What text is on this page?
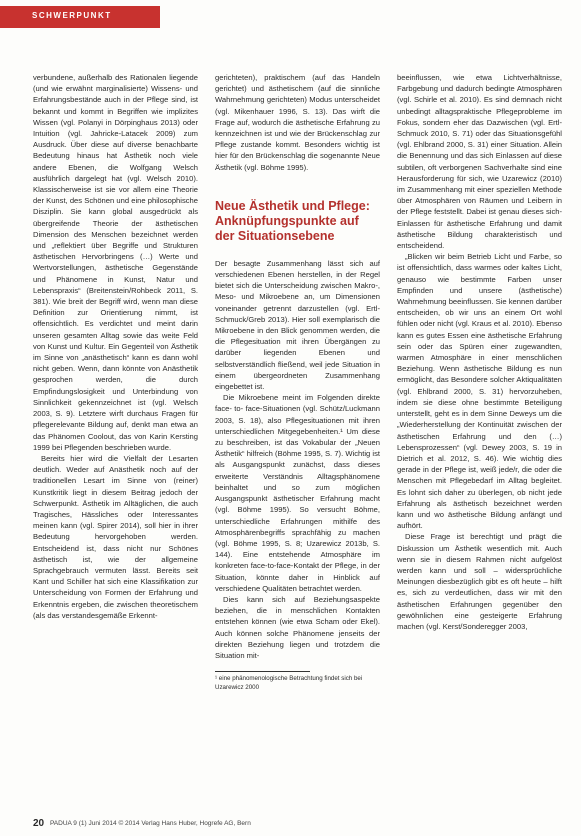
SCHWERPUNKT

verbundene, außerhalb des Rationalen liegende (und wie erwähnt marginalisierte) Wissens- und Erfahrungsbestände auch in der Pflege sind, ist bekannt und kommt in Begriffen wie implizites Wissen (vgl. Polanyi in Dörpinghaus 2013) oder Intuition (vgl. Jahricke-Latacek 2009) zum Ausdruck. Über diese auf diverse benachbarte Bedeutung hinaus hat Ästhetik noch viele andere Ebenen, die Wolfgang Welsch ausführlich dargelegt hat (vgl. Welsch 2010). Klassischerweise ist sie vor allem eine Theorie der Kunst, des Schönen und eine philosophische Disziplin. Sie kann global ausgedrückt als übergreifende Theorie der ästhetischen Dimension des Menschen bezeichnet werden und „reflektiert über Begriffe und Strukturen ästhetischen Hervorbringens (…) Werte und Wertvorstellungen, ästhetische Gegenstände und Phänomene in Kunst, Natur und Lebenspraxis“ (Breitenstein/Rohbeck 2011, S. 381). Wie breit der Begriff wird, wenn man diese Definition zur Orientierung nimmt, ist offensichtlich. Es verdichtet und meint darin unseren gesamten Alltag sowie das weite Feld von Kunst und Kultur. Ein Gegenteil von Ästhetik im Sinne von „anästhetisch“ kann es dann wohl nicht geben. Wenn, dann könnte von Anästhetik gesprochen werden, die durch Empfindungslosigkeit und Unterbindung von Sinnlichkeit gekennzeichnet ist (vgl. Welsch 2003, S. 9). Letztere wirft durchaus Fragen für pflegerelevante Bildung auf, denkt man etwa an das Phänomen Coolout, das von Karin Kersting 1999 bei Pflegenden beschrieben wurde.

Bereits hier wird die Vielfalt der Lesarten deutlich. Weder auf Anästhetik noch auf der traditionellen Lesart im Sinne von (reiner) Kunstkritik liegt in diesem Beitrag jedoch der Schwerpunkt. Ästhetik im Alltäglichen, die auch Tragisches, Hässliches oder Interessantes meinen kann (vgl. Spirer 2014), soll hier in ihrer Bedeutung hervorgehoben werden. Entscheidend ist, dass nicht nur Schönes ästhetisch ist, wie der allgemeine Sprachgebrauch vermuten lässt. Bereits seit Kant und Schiller hat sich eine Klassifikation zur Unterscheidung von Formen der Erfahrung und Erkenntnis ergeben, die zwischen theoretischem (als das verstandesgemäße Erkennt-

gerichteten), praktischem (auf das Handeln gerichtet) und ästhetischem (auf die sinnliche Wahrnehmung gerichteten) Modus unterscheidet (vgl. Mikenhauer 1996, S. 13). Das wirft die Frage auf, wodurch die ästhetische Erfahrung zu kennzeichnen ist und wie der Brückenschlag zur Pflege zustande kommt. Besonders wichtig ist hier für den Brückenschlag die sogenannte Neue Ästhetik (vgl. Böhme 1995).

Neue Ästhetik und Pflege: Anknüpfungspunkte auf der Situationsebene

Der besagte Zusammenhang lässt sich auf verschiedenen Ebenen herstellen, in der Regel bietet sich die Unterscheidung zwischen Makro-, Meso- und Mikroebene an, um Dimensionen voneinander getrennt darzustellen (vgl. Ertl-Schmuck/Greb 2013). Hier soll exemplarisch die Mikroebene in den Blick genommen werden, die die Pflegesituation mit ihren Übergängen zu darüber liegenden Ebenen und selbstverständlich fließend, weil jede Situation in einem übergeordneten Zusammenhang eingebettet ist.

Die Mikroebene meint im Folgenden direkte face- to- face-Situationen (vgl. Schütz/Luckmann 2003, S. 18), also Pflegesituationen mit ihren unterschiedlichen Mitgegebenheiten.¹ Um diese zu beschreiben, ist das Vokabular der „Neuen Ästhetik“ hilfreich (Böhme 1995, S. 7). Wichtig ist als Ausgangspunkt zunächst, dass dieses erweiterte Verständnis Alltagsphänomene beinhaltet und so zum möglichen Ausgangspunkt ästhetischer Erfahrung macht (vgl. Böhme 1995). So versucht Böhme, unterschiedliche Erfahrungen mithilfe des Atmosphärenbegriffs sprachfähig zu machen (vgl. Böhme 1995, S. 8; Uzarewicz 2013b, S. 144). Eine entstehende Atmosphäre im konkreten face-to-face-Kontakt der Pflege, in der Situation, könnte daher in Hinblick auf verschiedene Qualitäten betrachtet werden.

Dies kann sich auf Beziehungsaspekte beziehen, die in menschlichen Kontakten entstehen können (wie etwa Scham oder Ekel). Auch können solche Phänomene jenseits der direkten Beziehung liegen und trotzdem die Situation mit-

¹ eine phänomenologische Betrachtung findet sich bei Uzarewicz 2000

beeinflussen, wie etwa Lichtverhältnisse, Farbgebung und dadurch bedingte Atmosphären (vgl. Schirle et al. 2010). Es sind demnach nicht unbedingt alltagspraktische Pflegeprobleme im Fokus, sondern eher das Dazwischen (vgl. Ertl-Schmuck 2010, S. 71) oder das Situationsgefühl (vgl. Ehlbrand 2000, S. 31) einer Situation. Allein die Benennung und das sich Einlassen auf diese subtilen, oft verborgenen Sachverhalte sind eine Herausforderung für sich, wie Uzarewicz (2010) im Zusammenhang mit einer speziellen Methode über Atmosphären von Räumen und Leibern in der Pflege feststellt. Dabei ist genau dieses sich-Einlassen für ästhetische Erfahrung und damit ästhetische Bildung charakteristisch und entscheidend.

„Blicken wir beim Betrieb Licht und Farbe, so ist offensichtlich, dass warmes oder kaltes Licht, genauso wie bestimmte Farben unser Empfinden und unsere (ästhetische) Wahrnehmung beeinflussen. Sie kennen darüber entscheiden, ob wir uns an einem Ort wohl fühlen oder nicht (vgl. Kraus et al. 2010). Ebenso kann es gutes Essen eine ästhetische Erfahrung sein oder das Spüren einer zugewandten, warmen Atmosphäre in einer menschlichen Beziehung. Wenn ästhetische Bildung es nun ermöglicht, das Besondere solcher Aktiqualitäten (vgl. Ehlbrand 2000, S. 31) hervorzuheben, indem sie diese ohne bestimmte Beteiligung unterstellt, geht es in dem Sinne Deweys um die „Wiederherstellung der Kontinuität zwischen der ästhetischen Erfahrung und den (…) Lebensprozessen“ (vgl. Dewey 2003, S. 19 in Dietrich et al. 2012, S. 46). Wie wichtig dies gerade in der Pflege ist, weiß jede/r, die oder die Menschen mit Pflegebedarf im Alltag begleitet. Es lohnt sich daher zu überlegen, ob nicht jede Erfahrung als ästhetisch bezeichnet werden kann und wo ästhetische Bildung anfängt und aufhört.

Diese Frage ist berechtigt und prägt die Diskussion um Ästhetik wesentlich mit. Auch wenn sie in diesem Rahmen nicht aufgelöst werden kann und soll – widersprüchliche Meinungen diesbezüglich gibt es oft heute – hilft es, sich zu verdeutlichen, dass wir mit den ästhetischen Erfahrungen gegenüber den gewöhnlichen eine gesteigerte Erfahrung machen (vgl. Kerst/Sonderegger 2003,

20 PADUA 9 (1) Juni 2014 © 2014 Verlag Hans Huber, Hogrefe AG, Bern
